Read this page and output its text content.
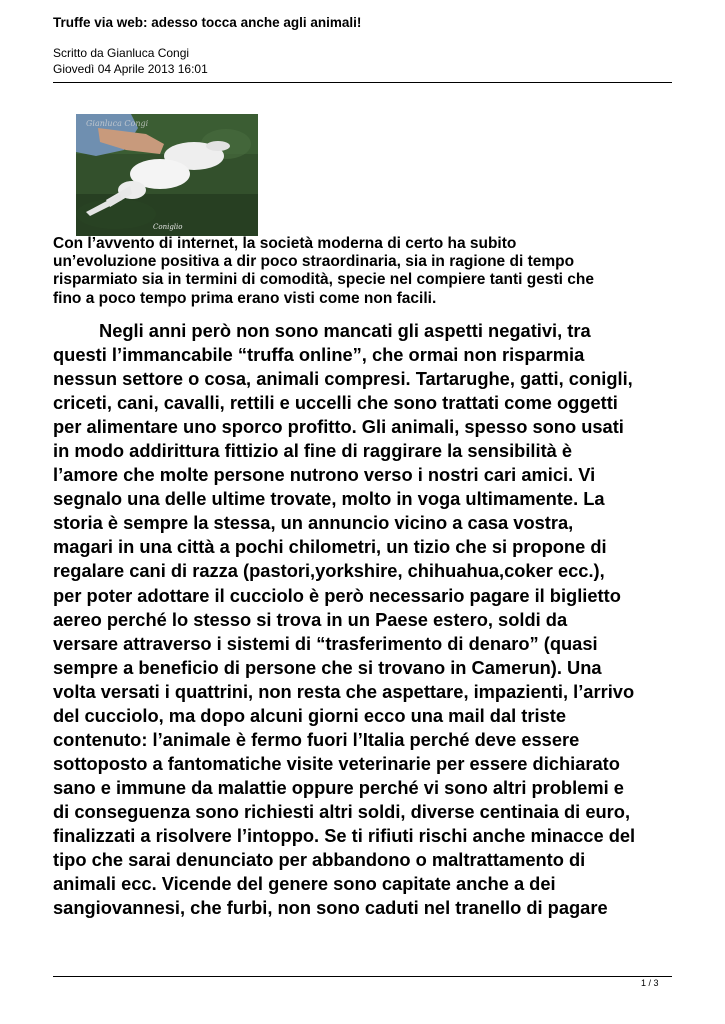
Truffe via web: adesso tocca anche agli animali!
Scritto da Gianluca Congi
Giovedì 04 Aprile 2013 16:01
Gianluca Congi
Coniglio
Con l’avvento di internet, la società moderna di certo ha subito
un’evoluzione positiva a dir poco straordinaria, sia in ragione di tempo
risparmiato sia in termini di comodità, specie nel compiere tanti gesti che
fino a poco tempo prima erano visti come non facili.
Negli anni però non sono mancati gli aspetti negativi, tra
questi l’immancabile “truffa online”, che ormai non risparmia
nessun settore o cosa, animali compresi. Tartarughe, gatti, conigli,
criceti, cani, cavalli, rettili e uccelli che sono trattati come oggetti
per alimentare uno sporco profitto. Gli animali, spesso sono usati
in modo addirittura fittizio al fine di raggirare la sensibilità è
l’amore che molte persone nutrono verso i nostri cari amici. Vi
segnalo una delle ultime trovate, molto in voga ultimamente. La
storia è sempre la stessa, un annuncio vicino a casa vostra,
magari in una città a pochi chilometri, un tizio che si propone di
regalare cani di razza (pastori,yorkshire, chihuahua,coker ecc.),
per poter adottare il cucciolo è però necessario pagare il biglietto
aereo perché lo stesso si trova in un Paese estero, soldi da
versare attraverso i sistemi di “trasferimento di denaro” (quasi
sempre a beneficio di persone che si trovano in Camerun). Una
volta versati i quattrini, non resta che aspettare, impazienti, l’arrivo
del cucciolo, ma dopo alcuni giorni ecco una mail dal triste
contenuto: l’animale è fermo fuori l’Italia perché deve essere
sottoposto a fantomatiche visite veterinarie per essere dichiarato
sano e immune da malattie oppure perché vi sono altri problemi e
di conseguenza sono richiesti altri soldi, diverse centinaia di euro,
finalizzati a risolvere l’intoppo. Se ti rifiuti rischi anche minacce del
tipo che sarai denunciato per abbandono o maltrattamento di
animali ecc. Vicende del genere sono capitate anche a dei
sangiovannesi, che furbi, non sono caduti nel tranello di pagare
1 / 3
